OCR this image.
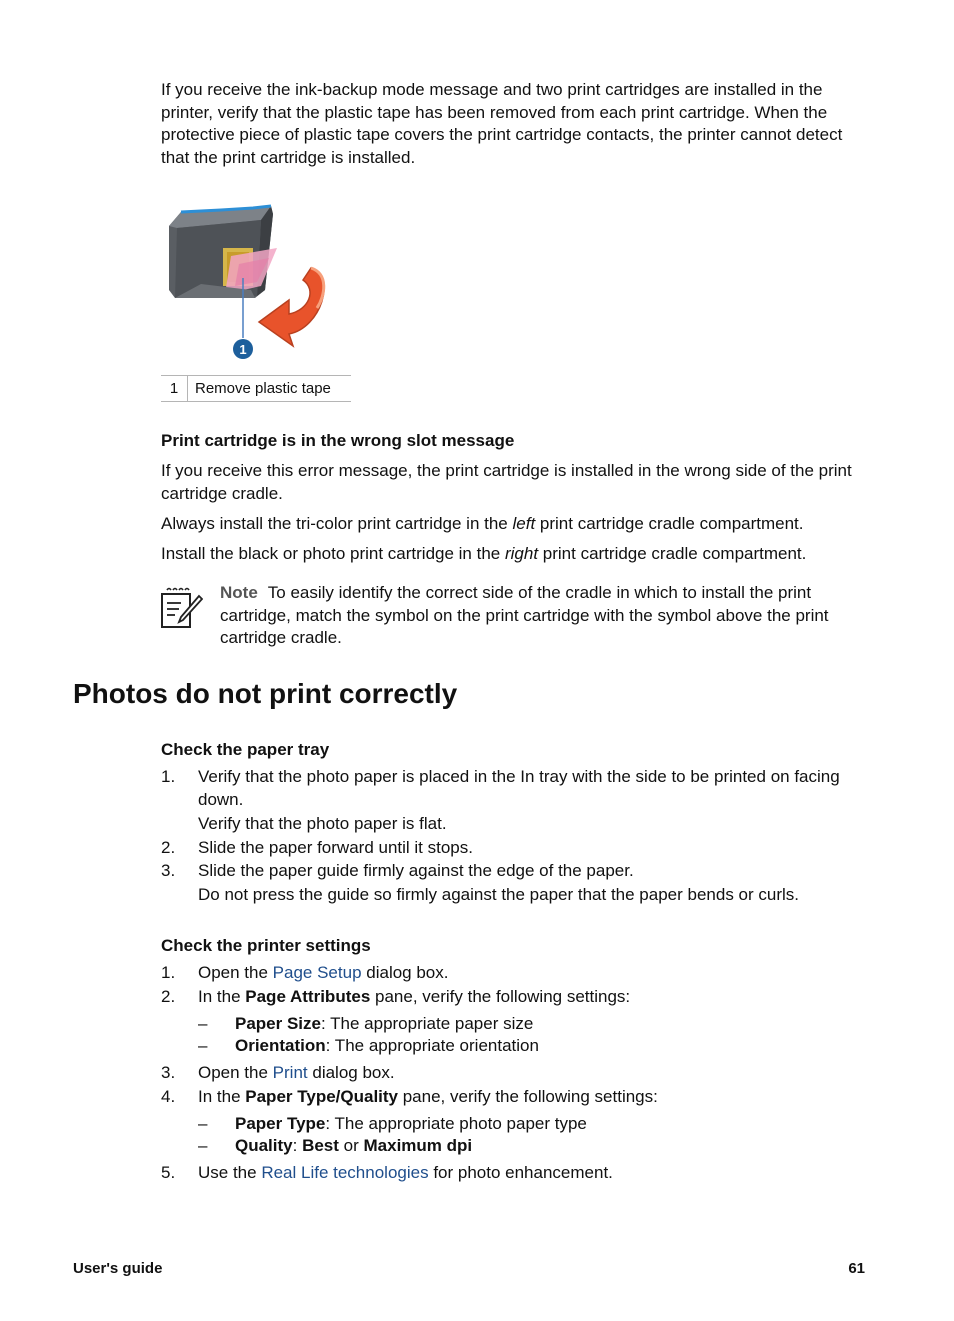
If you receive the ink-backup mode message and two print cartridges are installed in the printer, verify that the plastic tape has been removed from each print cartridge. When the protective piece of plastic tape covers the print cartridge contacts, the printer cannot detect that the print cartridge is installed.

1
1	Remove plastic tape
Print cartridge is in the wrong slot message

If you receive this error message, the print cartridge is installed in the wrong side of the print cartridge cradle.

Always install the tri-color print cartridge in the left print cartridge cradle compartment.

Install the black or photo print cartridge in the right print cartridge cradle compartment.

Note To easily identify the correct side of the cradle in which to install the print cartridge, match the symbol on the print cartridge with the symbol above the print cartridge cradle.
Photos do not print correctly
Check the paper tray
1. Verify that the photo paper is placed in the In tray with the side to be printed on facing down.
Verify that the photo paper is flat.
2. Slide the paper forward until it stops.
3. Slide the paper guide firmly against the edge of the paper.
Do not press the guide so firmly against the paper that the paper bends or curls.
Check the printer settings
1. Open the Page Setup dialog box.
2. In the Page Attributes pane, verify the following settings:
– Paper Size: The appropriate paper size
– Orientation: The appropriate orientation
3. Open the Print dialog box.
4. In the Paper Type/Quality pane, verify the following settings:
– Paper Type: The appropriate photo paper type
– Quality: Best or Maximum dpi
5. Use the Real Life technologies for photo enhancement.
User's guide	61
